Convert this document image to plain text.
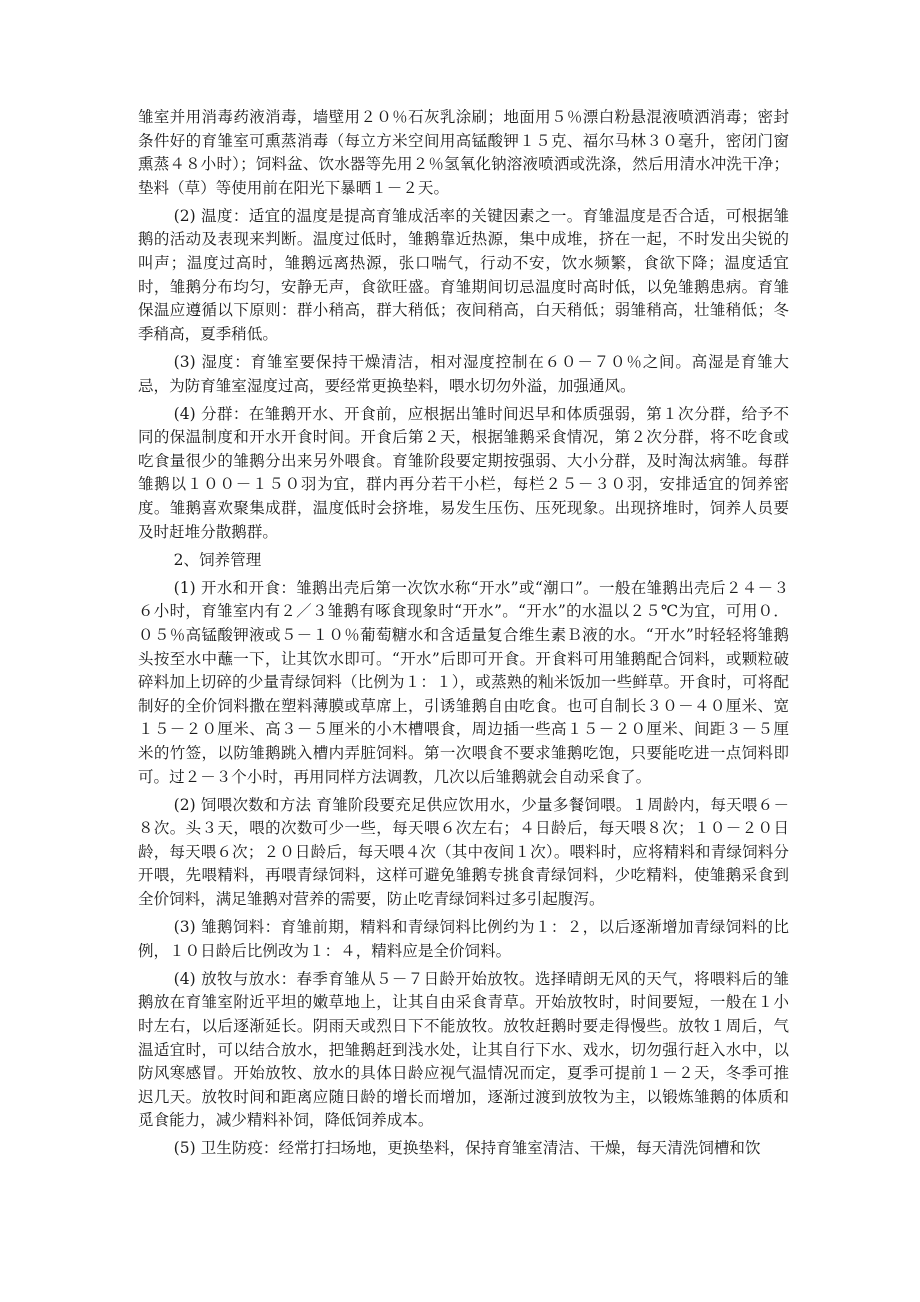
雏室并用消毒药液消毒，墙壁用２０％石灰乳涂刷；地面用５％漂白粉悬混液喷洒消毒；密封条件好的育雏室可熏蒸消毒（每立方米空间用高锰酸钾１５克、福尔马林３０毫升，密闭门窗熏蒸４８小时）；饲料盆、饮水器等先用２％氢氧化钠溶液喷洒或洗涤，然后用清水冲洗干净；垫料（草）等使用前在阳光下暴晒１－２天。

(2) 温度：适宜的温度是提高育雏成活率的关键因素之一。育雏温度是否合适，可根据雏鹅的活动及表现来判断。温度过低时，雏鹅靠近热源，集中成堆，挤在一起，不时发出尖锐的叫声；温度过高时，雏鹅远离热源，张口喘气，行动不安，饮水频繁，食欲下降；温度适宜时，雏鹅分布均匀，安静无声，食欲旺盛。育雏期间切忌温度时高时低，以免雏鹅患病。育雏保温应遵循以下原则：群小稍高，群大稍低；夜间稍高，白天稍低；弱雏稍高，壮雏稍低；冬季稍高，夏季稍低。

(3) 湿度：育雏室要保持干燥清洁，相对湿度控制在６０－７０％之间。高湿是育雏大忌，为防育雏室湿度过高，要经常更换垫料，喂水切勿外溢，加强通风。

(4) 分群：在雏鹅开水、开食前，应根据出雏时间迟早和体质强弱，第１次分群，给予不同的保温制度和开水开食时间。开食后第２天，根据雏鹅采食情况，第２次分群，将不吃食或吃食量很少的雏鹅分出来另外喂食。育雏阶段要定期按强弱、大小分群，及时淘汰病雏。每群雏鹅以１００－１５０羽为宜，群内再分若干小栏，每栏２５－３０羽，安排适宜的饲养密度。雏鹅喜欢聚集成群，温度低时会挤堆，易发生压伤、压死现象。出现挤堆时，饲养人员要及时赶堆分散鹅群。

2、饲养管理

(1) 开水和开食：雏鹅出壳后第一次饮水称“开水”或“潮口”。一般在雏鹅出壳后２４－３６小时，育雏室内有２／３雏鹅有啄食现象时“开水”。“开水”的水温以２５℃为宜，可用０．０５％高锰酸钾液或５－１０％葡萄糖水和含适量复合维生素Ｂ液的水。“开水”时轻轻将雏鹅头按至水中蘸一下，让其饮水即可。“开水”后即可开食。开食料可用雏鹅配合饲料，或颗粒破碎料加上切碎的少量青绿饲料（比例为１：１），或蒸熟的籼米饭加一些鲜草。开食时，可将配制好的全价饲料撒在塑料薄膜或草席上，引诱雏鹅自由吃食。也可自制长３０－４０厘米、宽１５－２０厘米、高３－５厘米的小木槽喂食，周边插一些高１５－２０厘米、间距３－５厘米的竹签，以防雏鹅跳入槽内弄脏饲料。第一次喂食不要求雏鹅吃饱，只要能吃进一点饲料即可。过２－３个小时，再用同样方法调教，几次以后雏鹅就会自动采食了。

(2) 饲喂次数和方法 育雏阶段要充足供应饮用水，少量多餐饲喂。１周龄内，每天喂６－８次。头３天，喂的次数可少一些，每天喂６次左右；４日龄后，每天喂８次；１０－２０日龄，每天喂６次；２０日龄后，每天喂４次（其中夜间１次）。喂料时，应将精料和青绿饲料分开喂，先喂精料，再喂青绿饲料，这样可避免雏鹅专挑食青绿饲料，少吃精料，使雏鹅采食到全价饲料，满足雏鹅对营养的需要，防止吃青绿饲料过多引起腹泻。

(3) 雏鹅饲料：育雏前期，精料和青绿饲料比例约为１：２，以后逐渐增加青绿饲料的比例，１０日龄后比例改为１：４，精料应是全价饲料。

(4) 放牧与放水：春季育雏从５－７日龄开始放牧。选择晴朗无风的天气，将喂料后的雏鹅放在育雏室附近平坦的嫩草地上，让其自由采食青草。开始放牧时，时间要短，一般在１小时左右，以后逐渐延长。阴雨天或烈日下不能放牧。放牧赶鹅时要走得慢些。放牧１周后，气温适宜时，可以结合放水，把雏鹅赶到浅水处，让其自行下水、戏水，切勿强行赶入水中，以防风寒感冒。开始放牧、放水的具体日龄应视气温情况而定，夏季可提前１－２天，冬季可推迟几天。放牧时间和距离应随日龄的增长而增加，逐渐过渡到放牧为主，以锻炼雏鹅的体质和觅食能力，减少精料补饲，降低饲养成本。

(5) 卫生防疫：经常打扫场地，更换垫料，保持育雏室清洁、干燥，每天清洗饲槽和饮
